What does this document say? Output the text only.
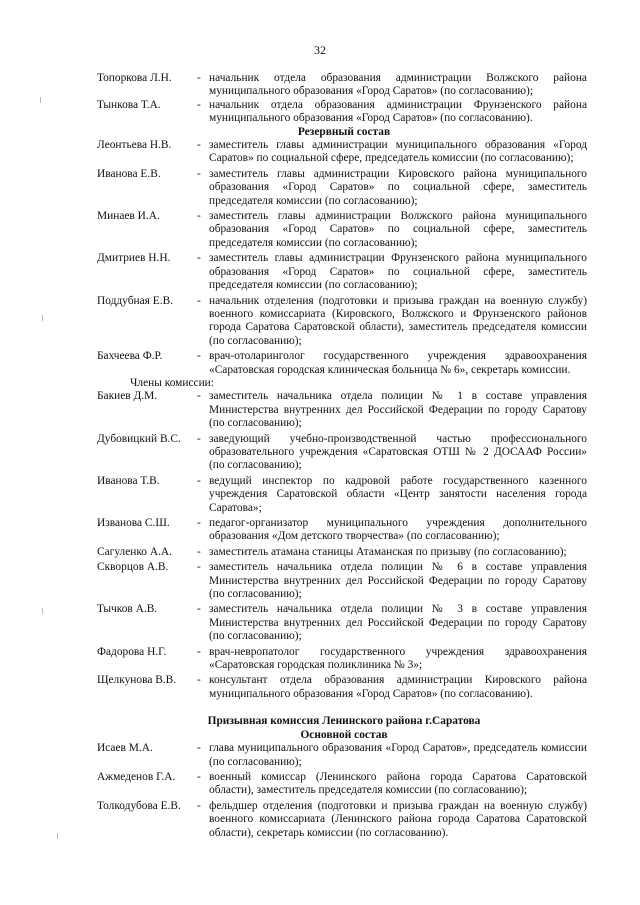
32
Топоркова Л.Н.	- начальник отдела образования администрации Волжского района муниципального образования «Город Саратов» (по согласованию);
Тынкова Т.А.	- начальник отдела образования администрации Фрунзенского района муниципального образования «Город Саратов» (по согласованию).
Резервный состав
Леонтьева Н.В.	- заместитель главы администрации муниципального образования «Город Саратов» по социальной сфере, председатель комиссии (по согласованию);
Иванова Е.В.	- заместитель главы администрации Кировского района муниципального образования «Город Саратов» по социальной сфере, заместитель председателя комиссии (по согласованию);
Минаев И.А.	- заместитель главы администрации Волжского района муниципального образования «Город Саратов» по социальной сфере, заместитель председателя комиссии (по согласованию);
Дмитриев Н.Н.	- заместитель главы администрации Фрунзенского района муниципального образования «Город Саратов» по социальной сфере, заместитель председателя комиссии (по согласованию);
Поддубная Е.В.	- начальник отделения (подготовки и призыва граждан на военную службу) военного комиссариата (Кировского, Волжского и Фрунзенского районов города Саратова Саратовской области), заместитель председателя комиссии (по согласованию);
Бахчеева Ф.Р.	- врач-отоларинголог государственного учреждения здравоохранения «Саратовская городская клиническая больница № 6», секретарь комиссии.
Члены комиссии:
Бакиев Д.М.	- заместитель начальника отдела полиции № 1 в составе управления Министерства внутренних дел Российской Федерации по городу Саратову (по согласованию);
Дубовицкий В.С.	- заведующий учебно-производственной частью профессионального образовательного учреждения «Саратовская ОТШ № 2 ДОСААФ России» (по согласованию);
Иванова Т.В.	- ведущий инспектор по кадровой работе государственного казенного учреждения Саратовской области «Центр занятости населения города Саратова»;
Изванова С.Ш.	- педагог-организатор муниципального учреждения дополнительного образования «Дом детского творчества» (по согласованию);
Сагуленко А.А.	- заместитель атамана станицы Атаманская по призыву (по согласованию);
Скворцов А.В.	- заместитель начальника отдела полиции № 6 в составе управления Министерства внутренних дел Российской Федерации по городу Саратову (по согласованию);
Тычков А.В.	- заместитель начальника отдела полиции № 3 в составе управления Министерства внутренних дел Российской Федерации по городу Саратову (по согласованию);
Фадорова Н.Г.	- врач-невропатолог государственного учреждения здравоохранения «Саратовская городская поликлиника № 3»;
Щелкунова В.В.	- консультант отдела образования администрации Кировского района муниципального образования «Город Саратов» (по согласованию).
Призывная комиссия Ленинского района г.Саратова
Основной состав
Исаев М.А.	- глава муниципального образования «Город Саратов», председатель комиссии (по согласованию);
Ажмеденов Г.А.	- военный комиссар (Ленинского района города Саратова Саратовской области), заместитель председателя комиссии (по согласованию);
Толкодубова Е.В.	- фельдшер отделения (подготовки и призыва граждан на военную службу) военного комиссариата (Ленинского района города Саратова Саратовской области), секретарь комиссии (по согласованию).
